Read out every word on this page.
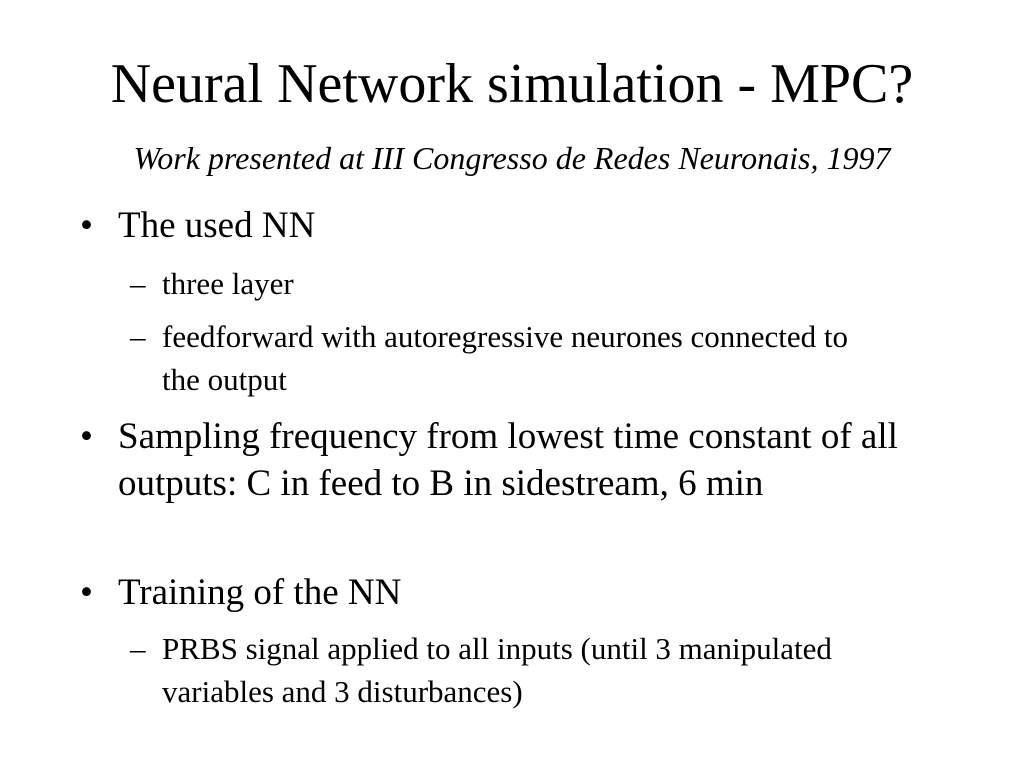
Neural Network simulation - MPC?
Work presented at III Congresso de Redes Neuronais, 1997
• The used NN
– three layer
– feedforward with autoregressive neurones connected to the output
• Sampling frequency from lowest time constant of all outputs: C in feed to B in sidestream, 6 min
• Training of the NN
– PRBS signal applied to all inputs (until 3 manipulated variables and 3 disturbances)
